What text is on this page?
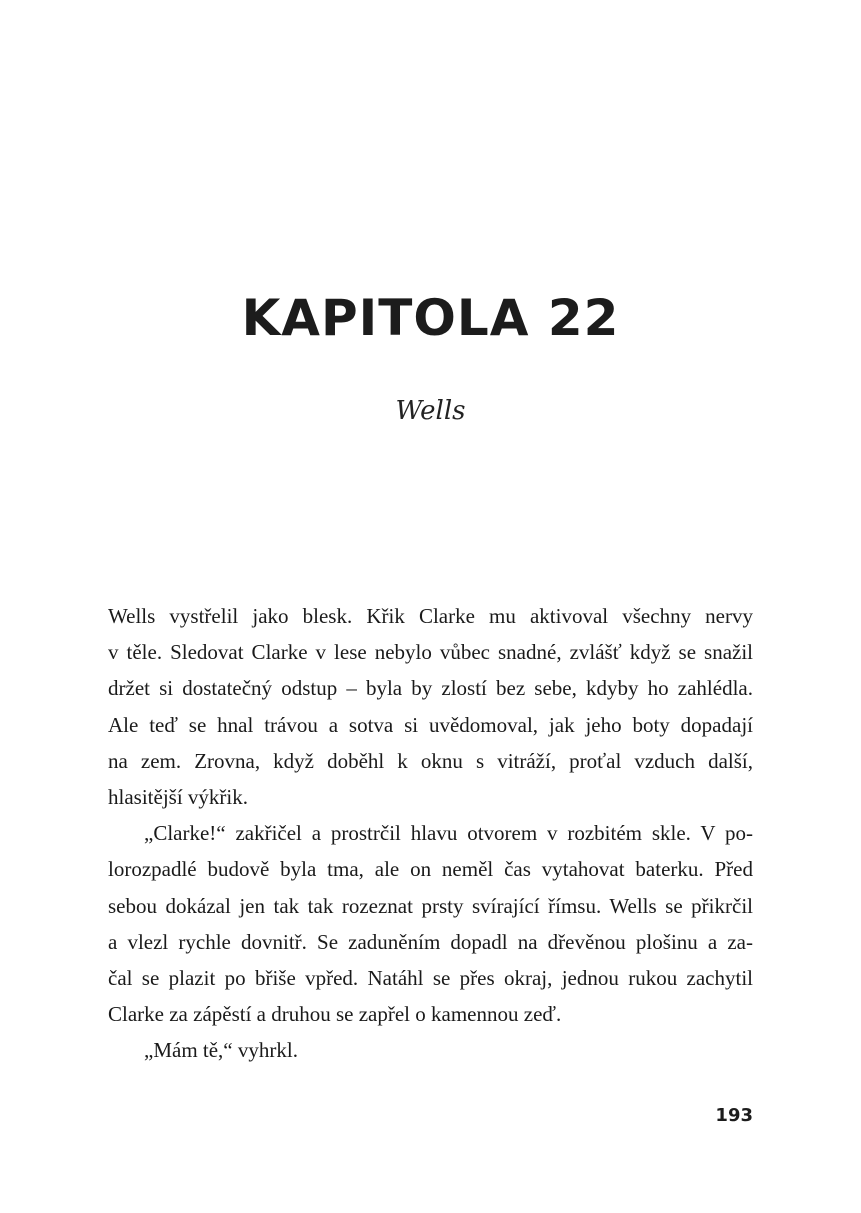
KAPITOLA 22
Wells
Wells vystřelil jako blesk. Křik Clarke mu aktivoval všechny nervy
v těle. Sledovat Clarke v lese nebylo vůbec snadné, zvlášť když se snažil
držet si dostatečný odstup – byla by zlostí bez sebe, kdyby ho zahlédla.
Ale teď se hnal trávou a sotva si uvědomoval, jak jeho boty dopadají
na zem. Zrovna, když doběhl k oknu s vitráží, proťal vzduch další,
hlasitější výkřik.
„Clarke!“ zakřičel a prostrčil hlavu otvorem v rozbitém skle. V po-
lorozpadlé budově byla tma, ale on neměl čas vytahovat baterku. Před
sebou dokázal jen tak tak rozeznat prsty svírající římsu. Wells se přikrčil
a vlezl rychle dovnitř. Se zaduněním dopadl na dřevěnou plošinu a za-
čal se plazit po břiše vpřed. Natáhl se přes okraj, jednou rukou zachytil
Clarke za zápěstí a druhou se zapřel o kamennou zeď.
„Mám tě,“ vyhrkl.
193
